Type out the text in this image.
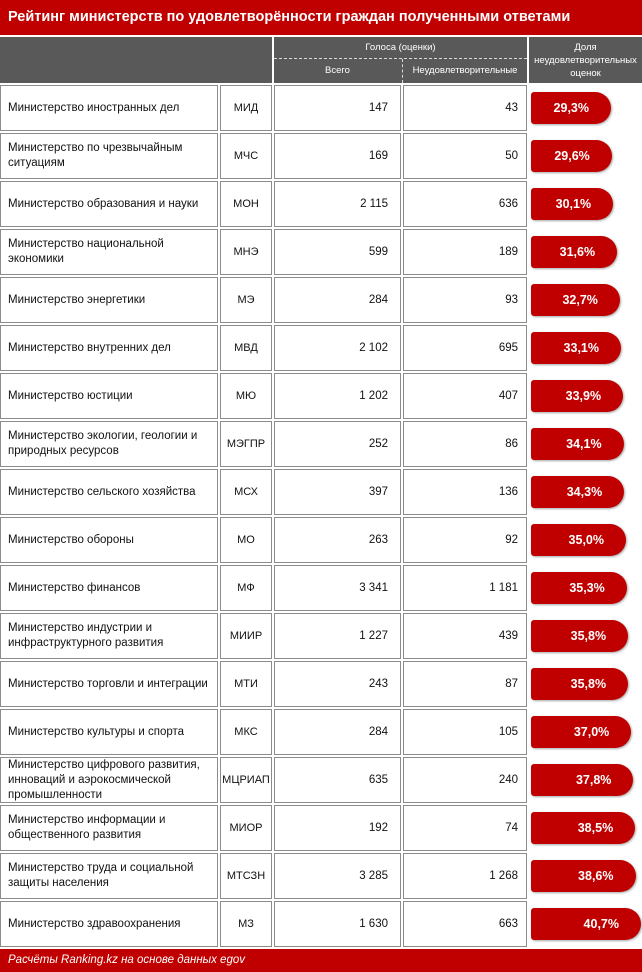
Рейтинг министерств по удовлетворённости граждан полученными ответами
Голоса (оценки)
Всего	Неудовлетворительные
Доля неудовлетворительных оценок
Министерство иностранных дел	МИД	147	43	29,3%
Министерство по чрезвычайным ситуациям
МЧС	169	50	29,6%
Министерство образования и науки	МОН	2 115	636	30,1%
Министерство национальной экономики
МНЭ	599	189	31,6%
Министерство энергетики	МЭ	284	93	32,7%
Министерство внутренних дел	МВД	2 102	695	33,1%
Министерство юстиции	МЮ	1 202	407	33,9%
Министерство экологии, геологии и природных ресурсов
МЭГПР	252	86	34,1%
Министерство сельского хозяйства	МСХ	397	136	34,3%
Министерство обороны	МО	263	92	35,0%
Министерство финансов	МФ	3 341	1 181	35,3%
Министерство индустрии и инфраструктурного развития
МИИР	1 227	439	35,8%
Министерство торговли и интеграции	МТИ	243	87	35,8%
Министерство культуры и спорта	МКС	284	105	37,0%
Министерство цифрового развития, инноваций и аэрокосмической промышленности
МЦРИАП	635	240	37,8%
Министерство информации и общественного развития
МИОР	192	74	38,5%
Министерство труда и социальной защиты населения
МТСЗН	3 285	1 268	38,6%
Министерство здравоохранения	МЗ	1 630	663	40,7%
Расчёты Ranking.kz на основе данных egov
